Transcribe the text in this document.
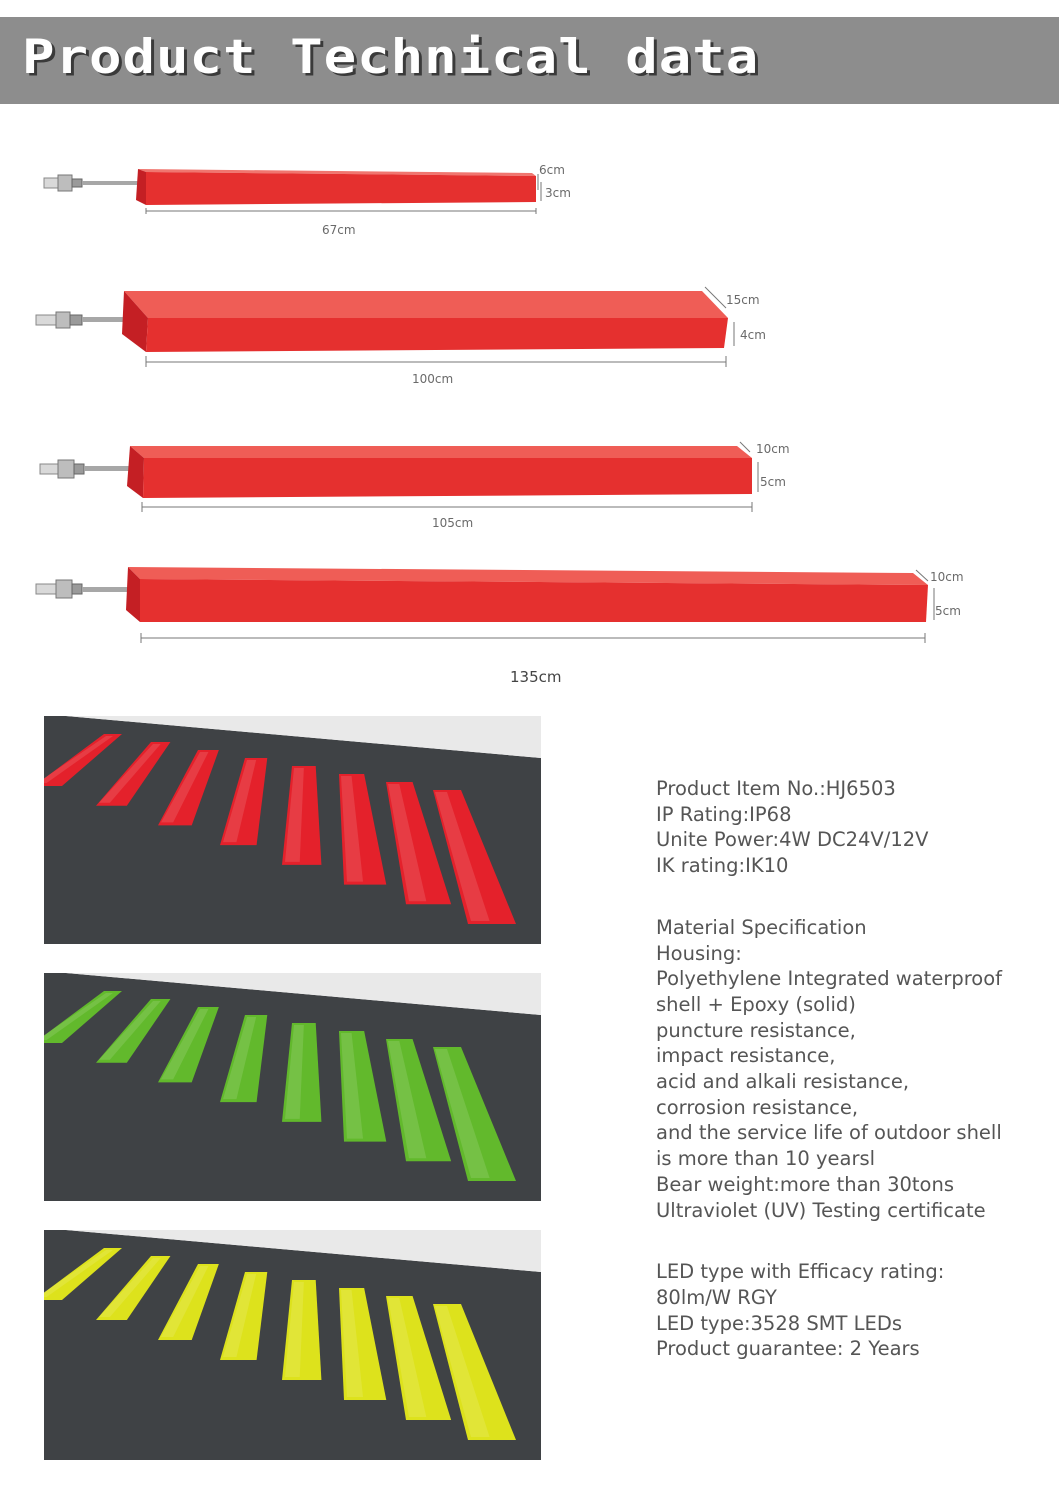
Product Technical data
6cm
3cm
67cm
15cm
4cm
100cm
10cm
5cm
105cm
10cm
5cm
135cm
Product Item No.:HJ6503
IP Rating:IP68
Unite Power:4W DC24V/12V
IK rating:IK10
Material Specification
Housing:
Polyethylene Integrated waterproof
shell + Epoxy (solid)
puncture resistance,
impact resistance,
acid and alkali resistance,
corrosion resistance,
and the service life of outdoor shell
is more than 10 yearsl
Bear weight:more than 30tons
Ultraviolet (UV) Testing certificate
LED type with Efficacy rating:
80lm/W RGY
LED type:3528 SMT LEDs
Product guarantee: 2 Years
